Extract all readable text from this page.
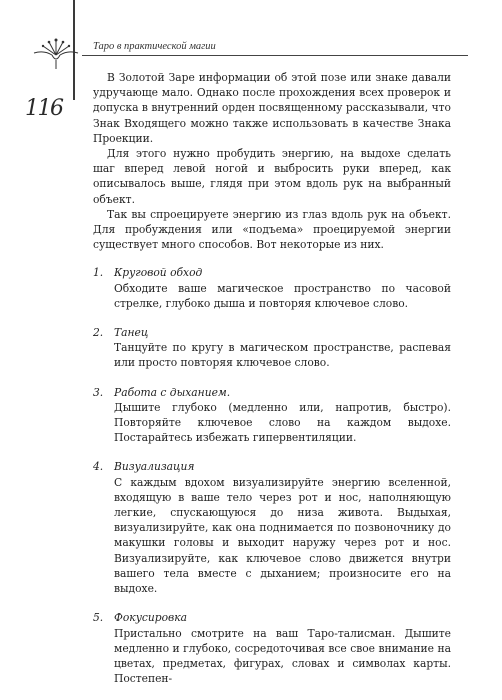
Таро в практической магии
116

В Золотой Заре информации об этой позе или знаке давали удручающе мало. Однако после прохождения всех проверок и допуска в внутренний орден посвященному рассказывали, что Знак Входящего можно также использовать в качестве Знака Проекции.

Для этого нужно пробудить энергию, на выдохе сделать шаг вперед левой ногой и выбросить руки вперед, как описывалось выше, глядя при этом вдоль рук на выбранный объект.

Так вы спроецируете энергию из глаз вдоль рук на объект. Для пробуждения или «подъема» проецируемой энергии существует много способов. Вот некоторые из них.

1. Круговой обход
Обходите ваше магическое пространство по часовой стрелке, глубоко дыша и повторяя ключевое слово.
2. Танец
Танцуйте по кругу в магическом пространстве, распевая или просто повторяя ключевое слово.
3. Работа с дыханием.
Дышите глубоко (медленно или, напротив, быстро). Повторяйте ключевое слово на каждом выдохе. Постарайтесь избежать гипервентиляции.
4. Визуализация
С каждым вдохом визуализируйте энергию вселенной, входящую в ваше тело через рот и нос, наполняющую легкие, спускающуюся до низа живота. Выдыхая, визуализируйте, как она поднимается по позвоночнику до макушки головы и выходит наружу через рот и нос. Визуализируйте, как ключевое слово движется внутри вашего тела вместе с дыханием; произносите его на выдохе.
5. Фокусировка
Пристально смотрите на ваш Таро-талисман. Дышите медленно и глубоко, сосредоточивая все свое внимание на цветах, предметах, фигурах, словах и символах карты. Постепен-
